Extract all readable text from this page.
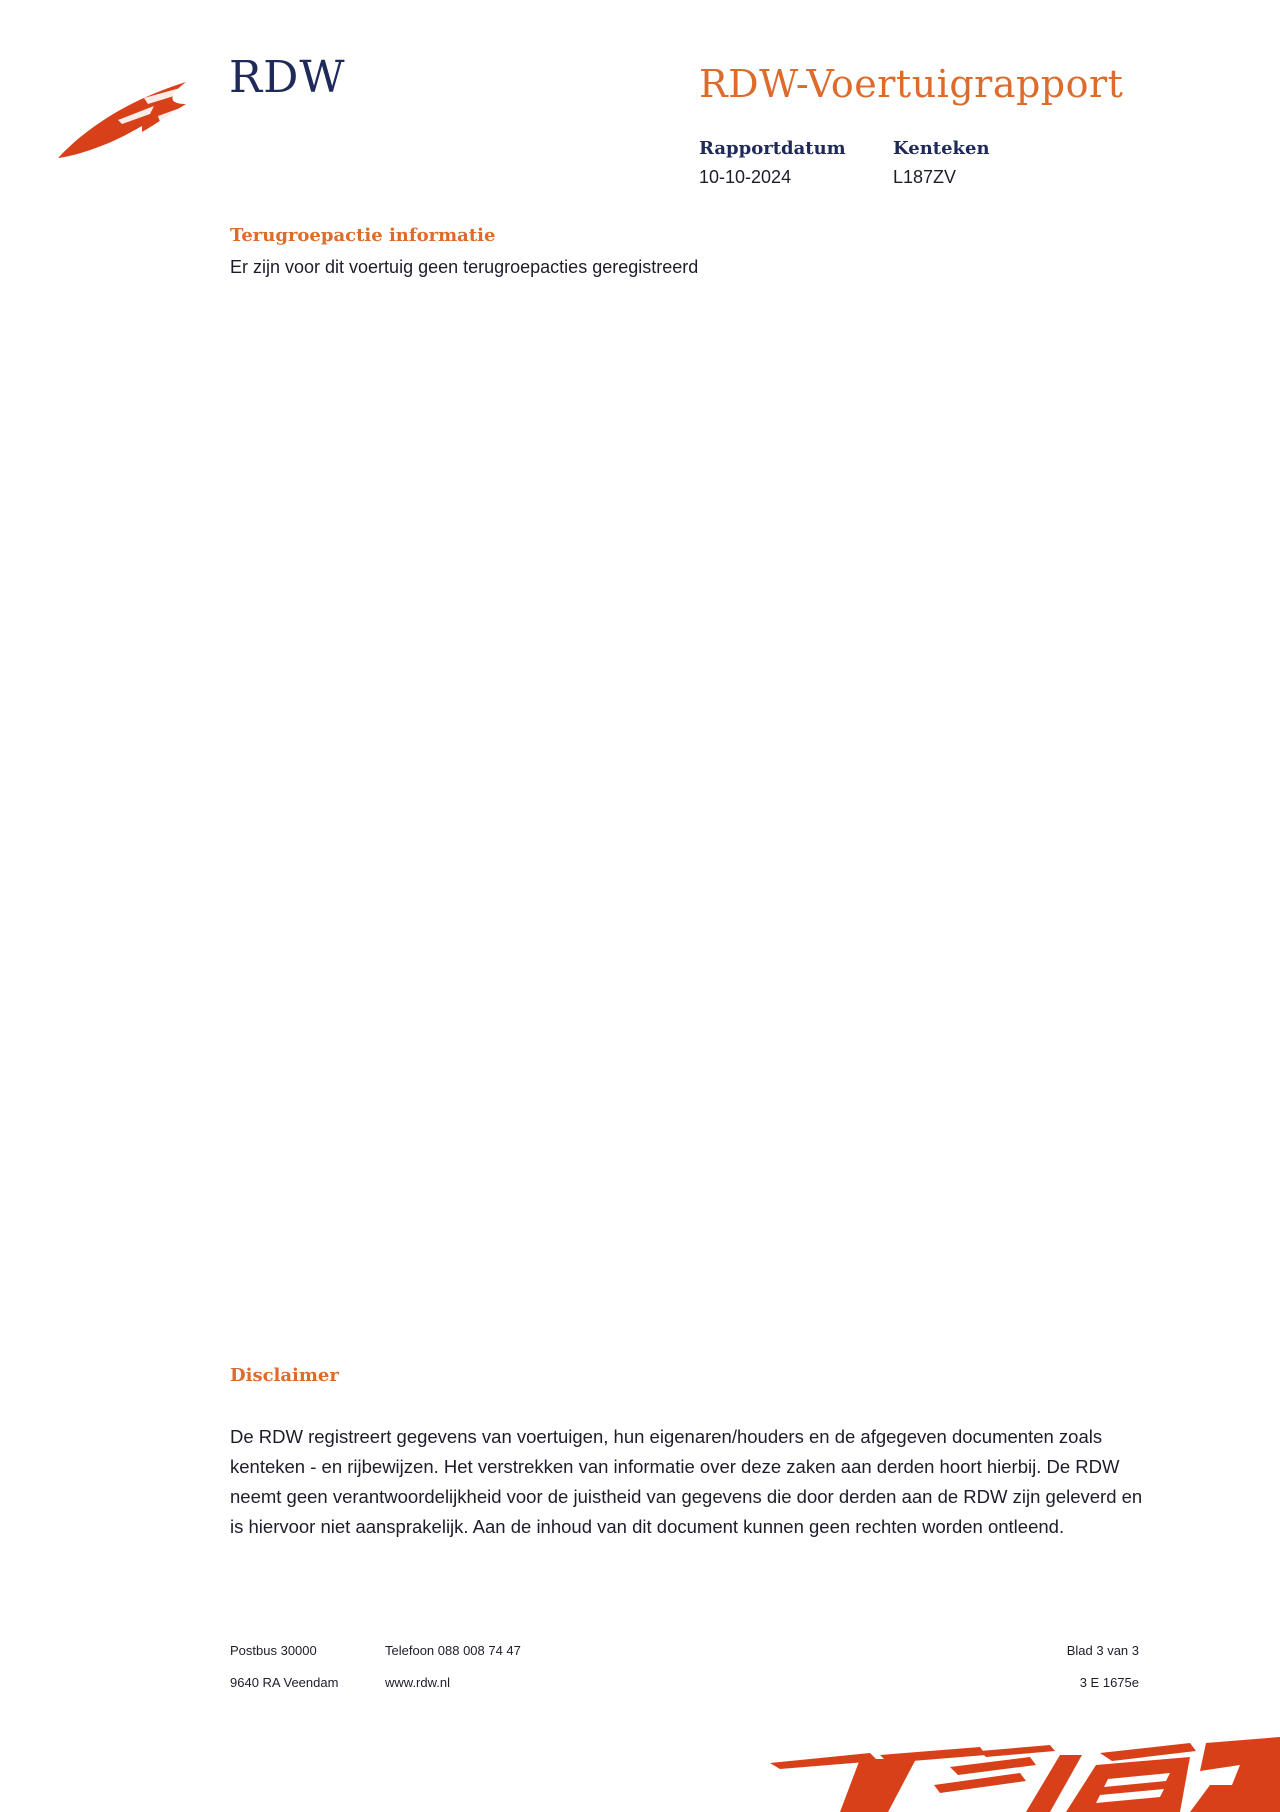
RDW	RDW-Voertuigrapport
Rapportdatum
10-10-2024
Kenteken
L187ZV
Terugroepactie informatie
Er zijn voor dit voertuig geen terugroepacties geregistreerd
Disclaimer
De RDW registreert gegevens van voertuigen, hun eigenaren/houders en de afgegeven documenten zoals kenteken - en rijbewijzen. Het verstrekken van informatie over deze zaken aan derden hoort hierbij. De RDW neemt geen verantwoordelijkheid voor de juistheid van gegevens die door derden aan de RDW zijn geleverd en is hiervoor niet aansprakelijk. Aan de inhoud van dit document kunnen geen rechten worden ontleend.
Postbus 30000
9640 RA Veendam
Telefoon 088 008 74 47
www.rdw.nl
Blad 3 van 3
3 E 1675e
